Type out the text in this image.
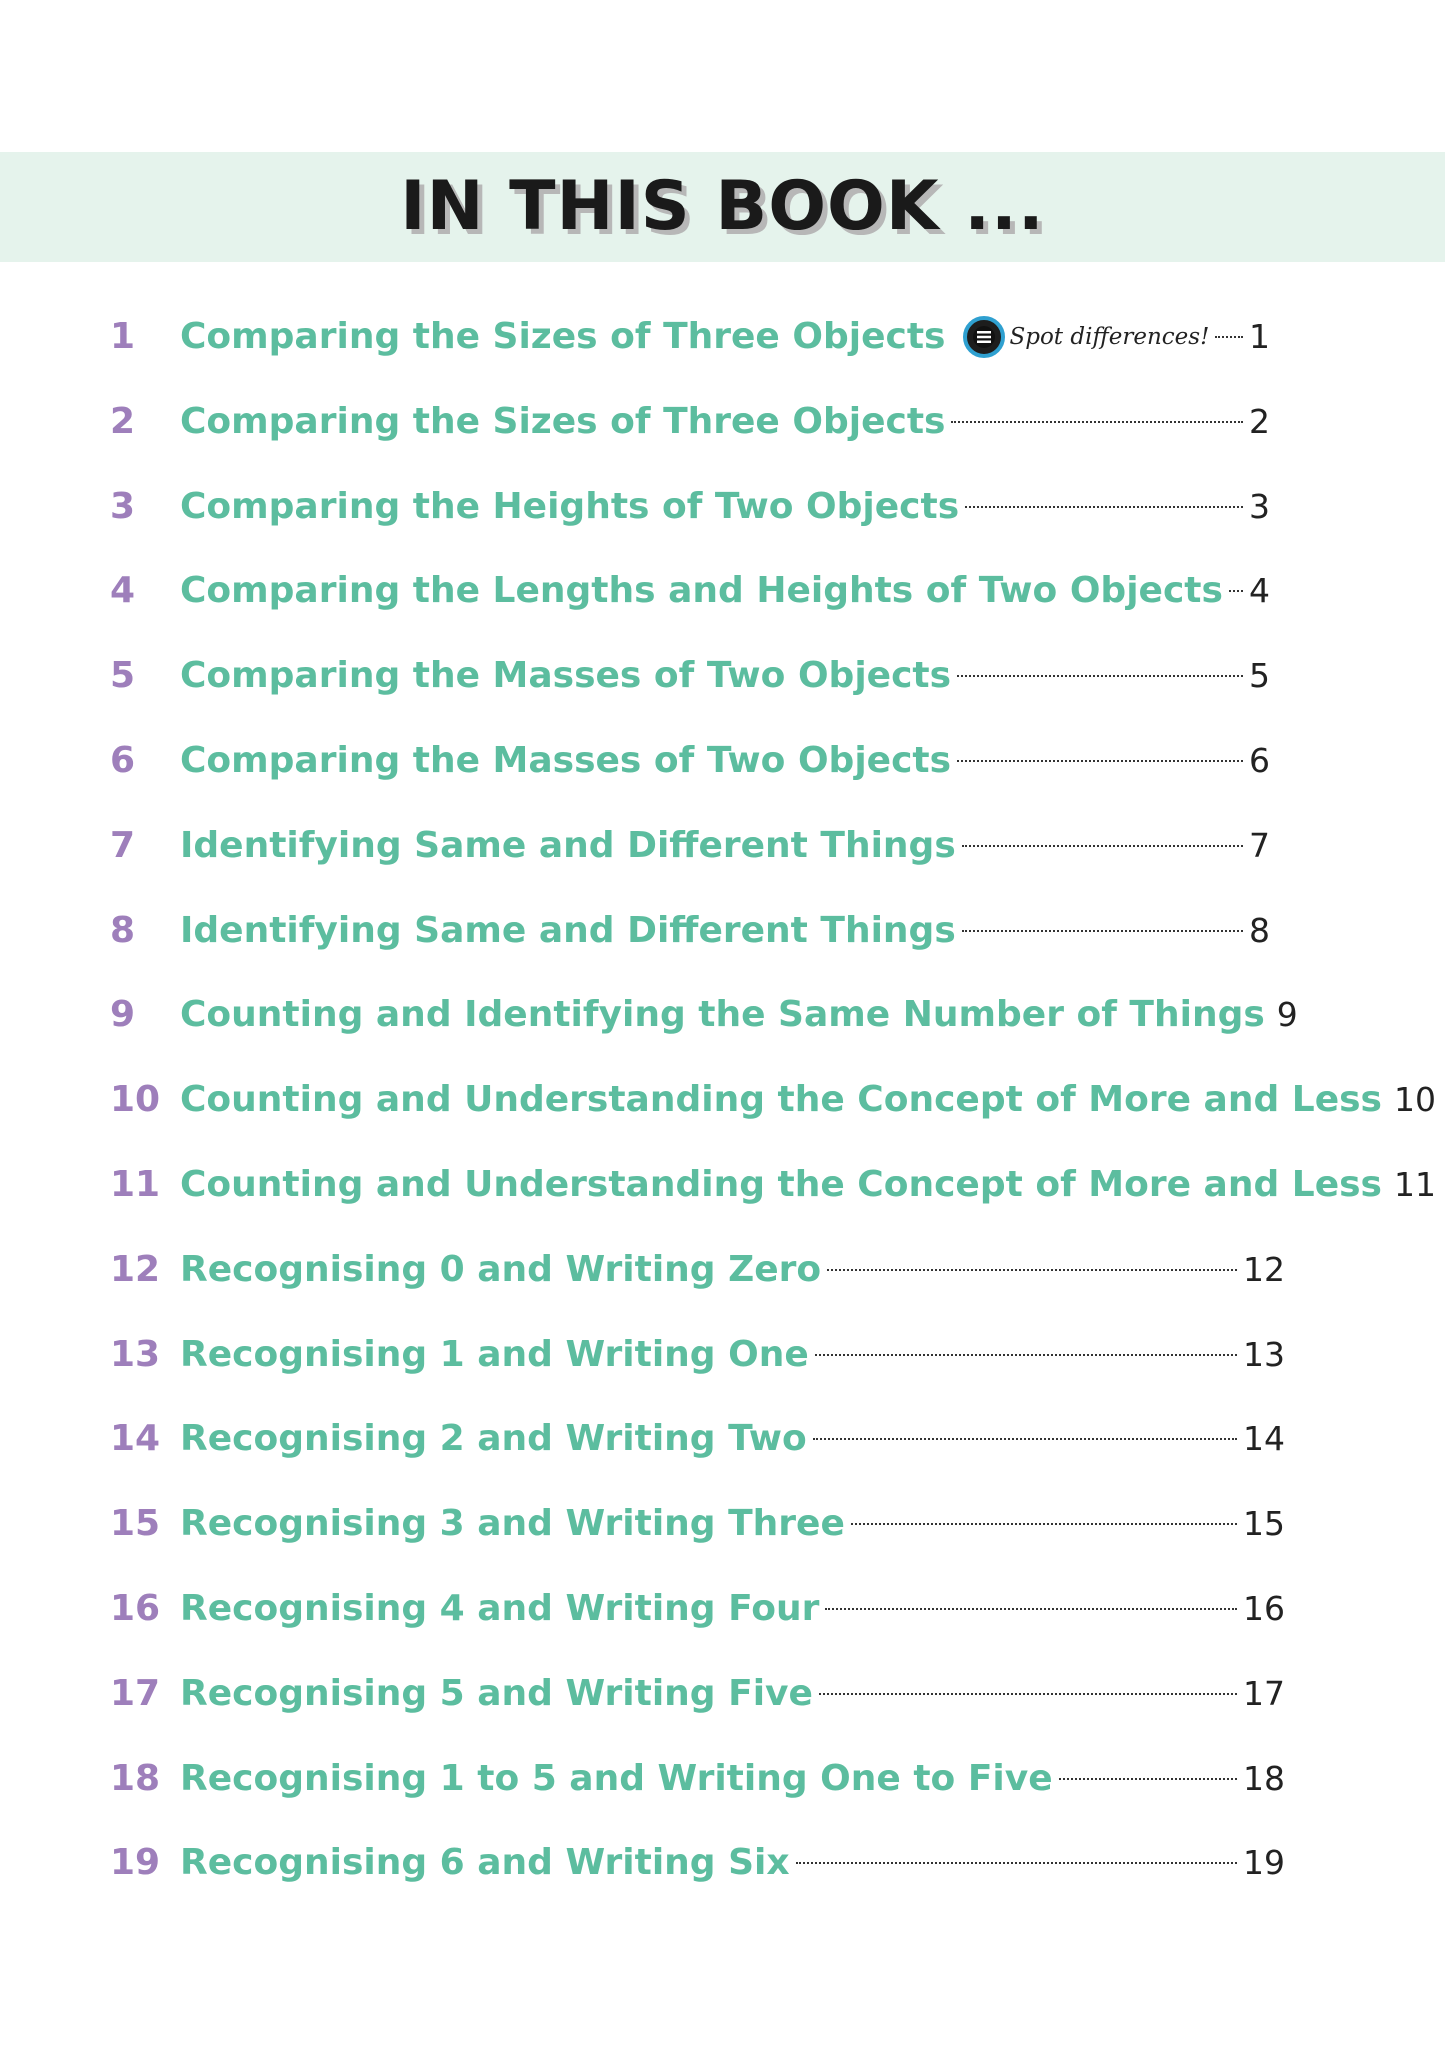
IN THIS BOOK ...
1 Comparing the Sizes of Three Objects	Spot differences! 1
2 Comparing the Sizes of Three Objects	2
3 Comparing the Heights of Two Objects	3
4 Comparing the Lengths and Heights of Two Objects 4
5 Comparing the Masses of Two Objects	5
6 Comparing the Masses of Two Objects	6
7 Identifying Same and Different Things	7
8 Identifying Same and Different Things	8
9 Counting and Identifying the Same Number of Things 9
10 Counting and Understanding the Concept of More and Less 10
11 Counting and Understanding the Concept of More and Less 11
12 Recognising 0 and Writing Zero	12
13 Recognising 1 and Writing One	13
14 Recognising 2 and Writing Two	14
15 Recognising 3 and Writing Three	15
16 Recognising 4 and Writing Four	16
17 Recognising 5 and Writing Five	17
18 Recognising 1 to 5 and Writing One to Five	18
19 Recognising 6 and Writing Six	19
